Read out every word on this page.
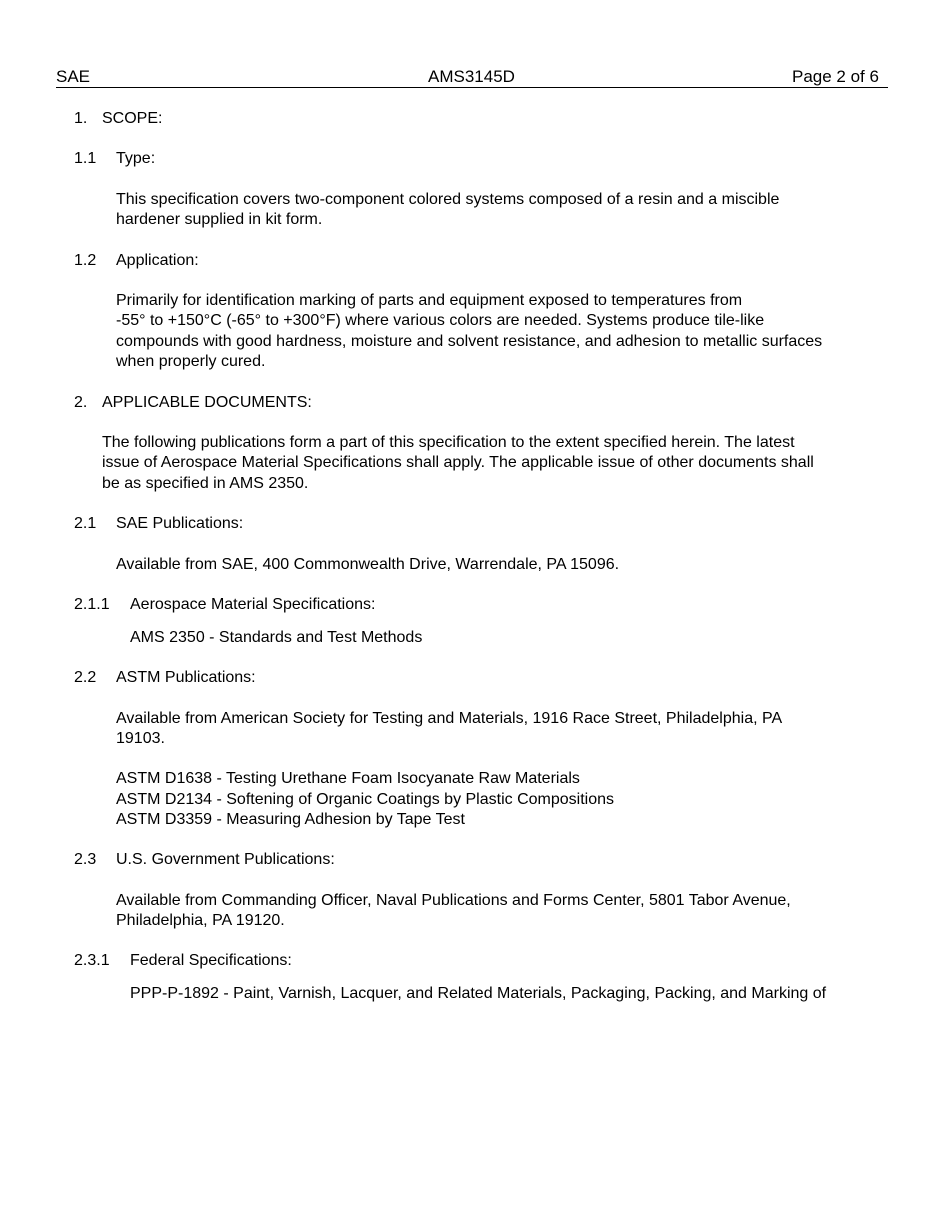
SAE	AMS3145D	Page 2 of 6
1. SCOPE:
1.1 Type:
This specification covers two-component colored systems composed of a resin and a miscible
hardener supplied in kit form.
1.2 Application:
Primarily for identification marking of parts and equipment exposed to temperatures from
-55° to +150°C (-65° to +300°F) where various colors are needed. Systems produce tile-like
compounds with good hardness, moisture and solvent resistance, and adhesion to metallic surfaces
when properly cured.
2. APPLICABLE DOCUMENTS:
The following publications form a part of this specification to the extent specified herein. The latest
issue of Aerospace Material Specifications shall apply. The applicable issue of other documents shall
be as specified in AMS 2350.
2.1 SAE Publications:
Available from SAE, 400 Commonwealth Drive, Warrendale, PA 15096.
2.1.1 Aerospace Material Specifications:
AMS 2350 - Standards and Test Methods
2.2 ASTM Publications:
Available from American Society for Testing and Materials, 1916 Race Street, Philadelphia, PA
19103.
ASTM D1638 - Testing Urethane Foam Isocyanate Raw Materials
ASTM D2134 - Softening of Organic Coatings by Plastic Compositions
ASTM D3359 - Measuring Adhesion by Tape Test
2.3 U.S. Government Publications:
Available from Commanding Officer, Naval Publications and Forms Center, 5801 Tabor Avenue,
Philadelphia, PA 19120.
2.3.1 Federal Specifications:
PPP-P-1892 - Paint, Varnish, Lacquer, and Related Materials, Packaging, Packing, and Marking of
